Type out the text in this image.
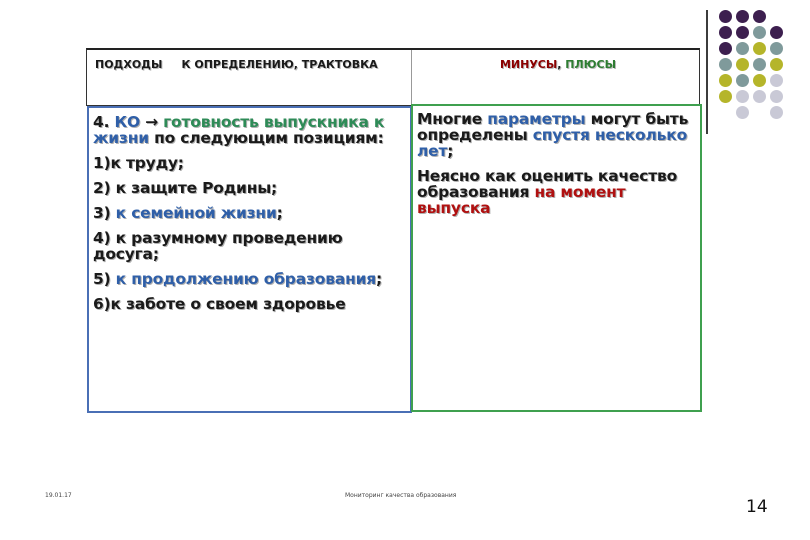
ПОДХОДЫ     К ОПРЕДЕЛЕНИЮ, ТРАКТОВКА	МИНУСЫ, ПЛЮСЫ
4. КО → готовность выпускника к жизни по следующим позициям:
1)к труду;
2) к защите Родины;
3) к семейной жизни;
4) к разумному проведению досуга;
5) к продолжению образования;
6)к заботе о своем здоровье
Многие параметры могут быть определены спустя несколько лет;
Неясно как оценить качество образования на момент выпуска
19.01.17	Мониторинг качества образования
14
